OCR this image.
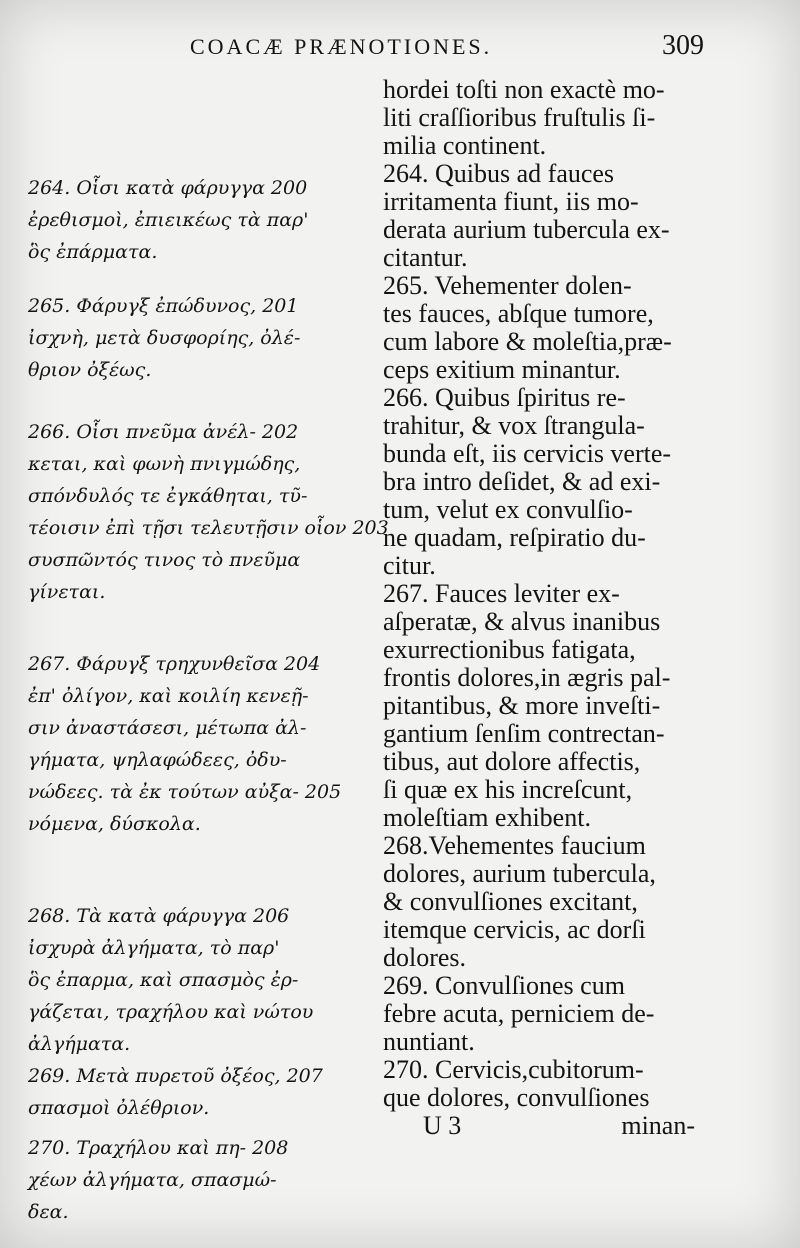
COACÆ PRÆNOTIONES.	309
264. Οἷσι κατὰ φάρυγγα 200
ἐρεθισμοὶ, ἐπιεικέως τὰ παρ'
ὃς ἐπάρματα.
265. Φάρυγξ ἐπώδυνος, 201
ἰσχνὴ, μετὰ δυσφορίης, ὀλέ-
θριον ὀξέως.
266. Οἷσι πνεῦμα ἀνέλ- 202
κεται, καὶ φωνὴ πνιγμώδης,
σπόνδυλός τε ἐγκάθηται, τῦ-
τέοισιν ἐπὶ τῇσι τελευτῇσιν οἷον 203
συσπῶντός τινος τὸ πνεῦμα
γίνεται.
267. Φάρυγξ τρηχυνθεῖσα 204
ἐπ' ὀλίγον, καὶ κοιλίη κενεῇ-
σιν ἀναστάσεσι, μέτωπα ἀλ-
γήματα, ψηλαφώδεες, ὀδυ-
νώδεες. τὰ ἐκ τούτων αὐξα- 205
νόμενα, δύσκολα.
268. Τὰ κατὰ φάρυγγα 206
ἰσχυρὰ ἀλγήματα, τὸ παρ'
ὃς ἐπαρμα, καὶ σπασμὸς ἐρ-
γάζεται, τραχήλου καὶ νώτου
ἀλγήματα.
269. Μετὰ πυρετοῦ ὀξέος, 207
σπασμοὶ ὀλέθριον.
270. Τραχήλου καὶ πη- 208
χέων ἀλγήματα, σπασμώ-
δεα.
hordei toſti non exactè mo-
liti craſſioribus fruſtulis ſi-
milia continent.
264. Quibus ad fauces
irritamenta fiunt, iis mo-
derata aurium tubercula ex-
citantur.
265. Vehementer dolen-
tes fauces, abſque tumore,
cum labore & moleſtia,præ-
ceps exitium minantur.
266. Quibus ſpiritus re-
trahitur, & vox ſtrangula-
bunda eſt, iis cervicis verte-
bra intro deſidet, & ad exi-
tum, velut ex convulſio-
ne quadam, reſpiratio du-
citur.
267. Fauces leviter ex-
aſperatæ, & alvus inanibus
exurrectionibus fatigata,
frontis dolores,in ægris pal-
pitantibus, & more inveſti-
gantium ſenſim contrectan-
tibus, aut dolore affectis,
ſi quæ ex his increſcunt,
moleſtiam exhibent.
268.Vehementes faucium
dolores, aurium tubercula,
& convulſiones excitant,
itemque cervicis, ac dorſi
dolores.
269. Convulſiones cum
febre acuta, perniciem de-
nuntiant.
270. Cervicis,cubitorum-
que dolores, convulſiones
U 3	minan-
